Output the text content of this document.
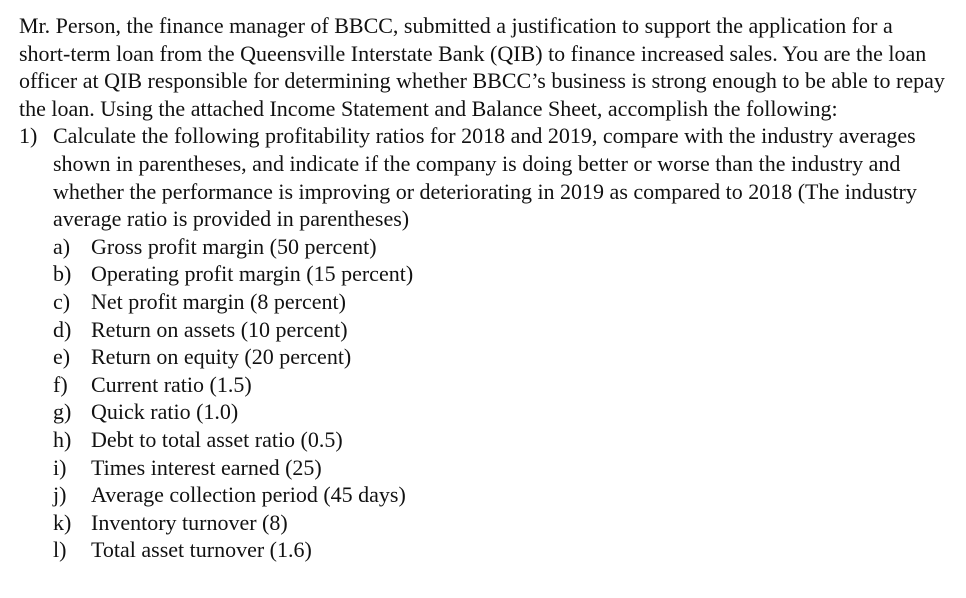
Mr. Person, the finance manager of BBCC, submitted a justification to support the application for a short-term loan from the Queensville Interstate Bank (QIB) to finance increased sales. You are the loan officer at QIB responsible for determining whether BBCC’s business is strong enough to be able to repay the loan. Using the attached Income Statement and Balance Sheet, accomplish the following:

1) Calculate the following profitability ratios for 2018 and 2019, compare with the industry averages shown in parentheses, and indicate if the company is doing better or worse than the industry and whether the performance is improving or deteriorating in 2019 as compared to 2018 (The industry average ratio is provided in parentheses)
a) Gross profit margin (50 percent)
b) Operating profit margin (15 percent)
c) Net profit margin (8 percent)
d) Return on assets (10 percent)
e) Return on equity (20 percent)
f)	Current ratio (1.5)
g) Quick ratio (1.0)
h) Debt to total asset ratio (0.5)
i)	Times interest earned (25)
j)	Average collection period (45 days)
k) Inventory turnover (8)
l)	Total asset turnover (1.6)
